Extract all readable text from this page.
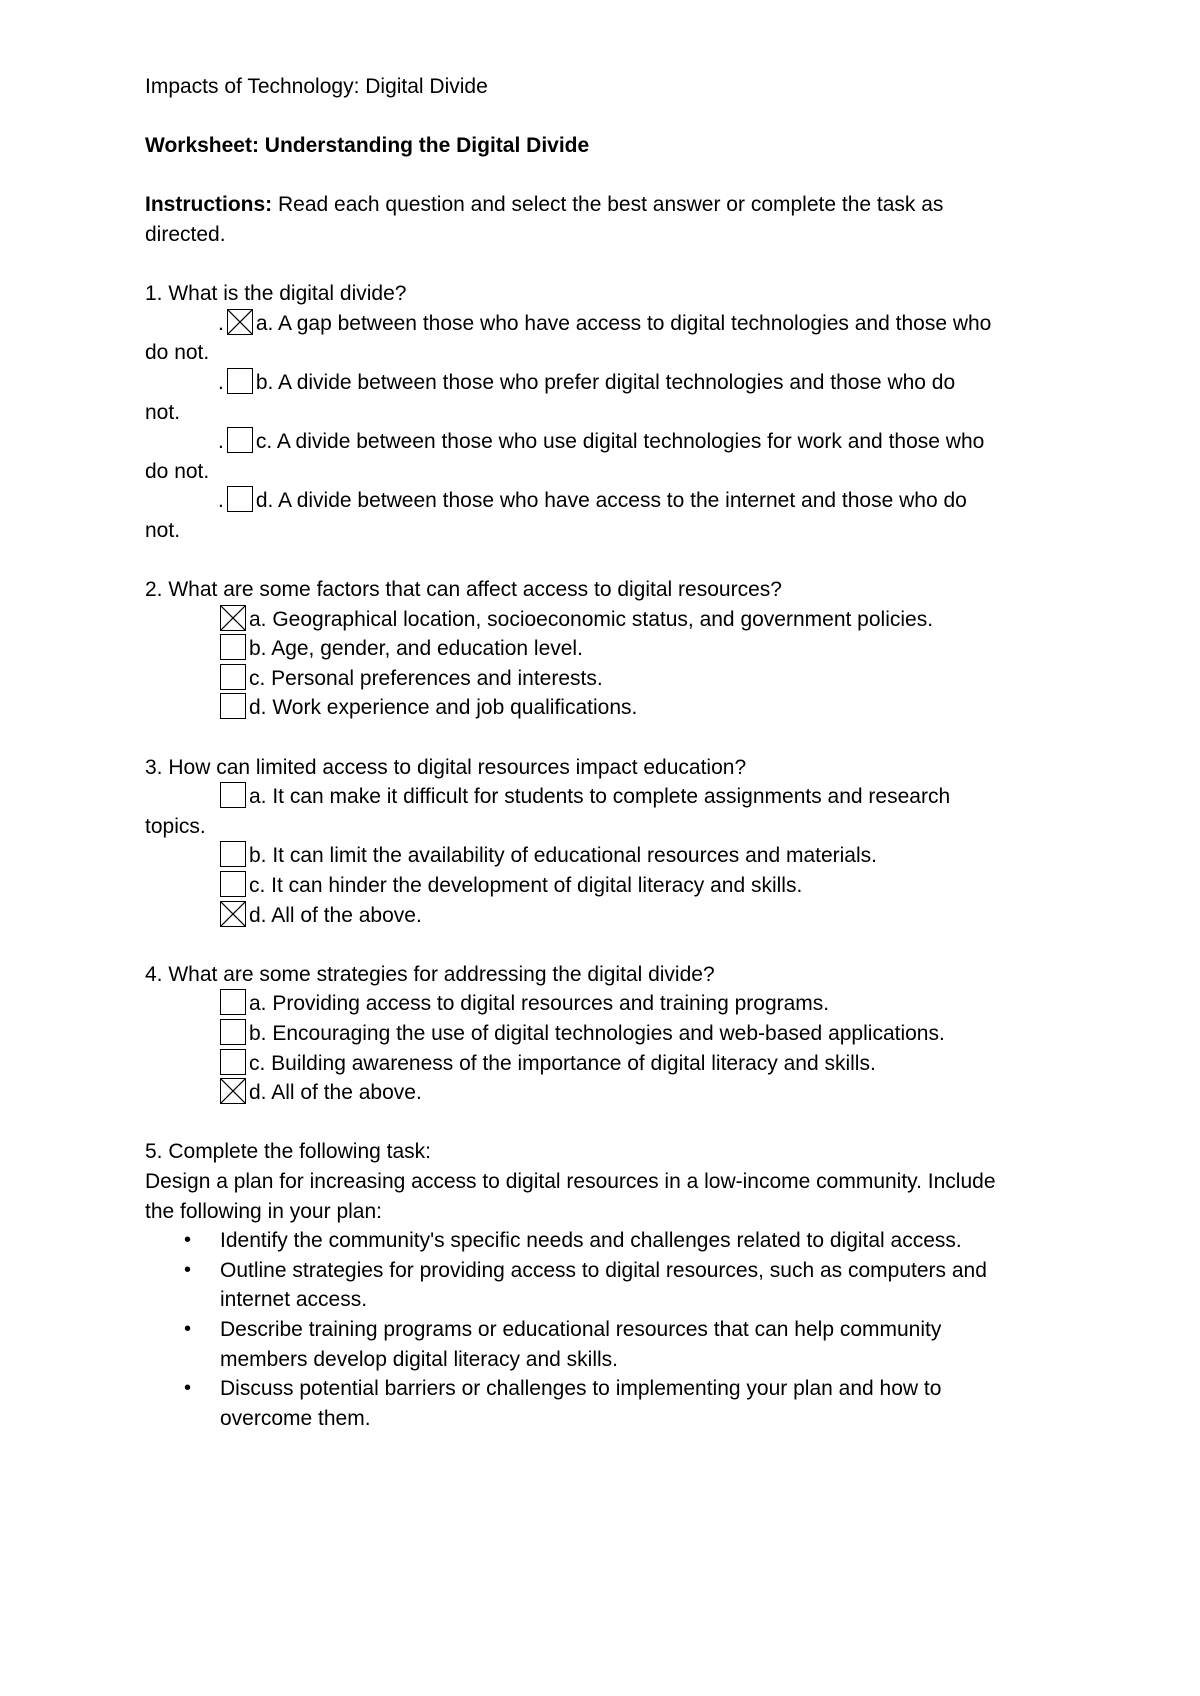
Impacts of Technology: Digital Divide
Worksheet: Understanding the Digital Divide
Instructions: Read each question and select the best answer or complete the task as
directed.
1. What is the digital divide?
. a. A gap between those who have access to digital technologies and those who
do not.
. b. A divide between those who prefer digital technologies and those who do
not.
. c. A divide between those who use digital technologies for work and those who
do not.
. d. A divide between those who have access to the internet and those who do
not.
2. What are some factors that can affect access to digital resources?
a. Geographical location, socioeconomic status, and government policies.
b. Age, gender, and education level.
c. Personal preferences and interests.
d. Work experience and job qualifications.
3. How can limited access to digital resources impact education?
a. It can make it difficult for students to complete assignments and research
topics.
b. It can limit the availability of educational resources and materials.
c. It can hinder the development of digital literacy and skills.
d. All of the above.
4. What are some strategies for addressing the digital divide?
a. Providing access to digital resources and training programs.
b. Encouraging the use of digital technologies and web-based applications.
c. Building awareness of the importance of digital literacy and skills.
d. All of the above.
5. Complete the following task:
Design a plan for increasing access to digital resources in a low-income community. Include
the following in your plan:
• Identify the community's specific needs and challenges related to digital access.
• Outline strategies for providing access to digital resources, such as computers and
internet access.
• Describe training programs or educational resources that can help community
members develop digital literacy and skills.
• Discuss potential barriers or challenges to implementing your plan and how to
overcome them.
